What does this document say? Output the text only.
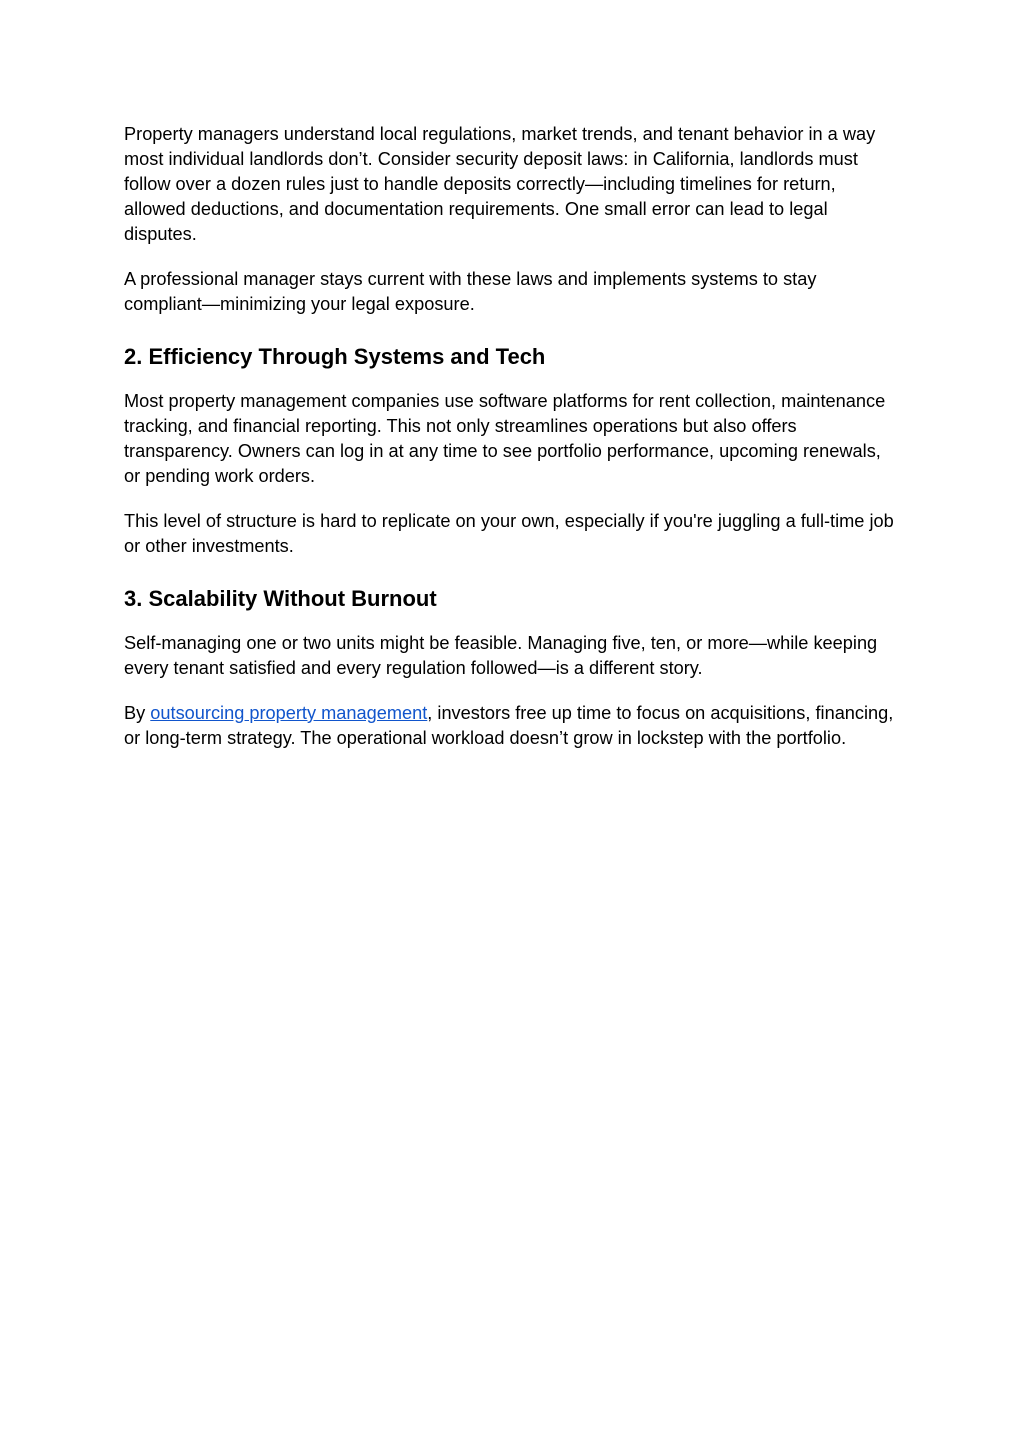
Property managers understand local regulations, market trends, and tenant behavior in a way most individual landlords don’t. Consider security deposit laws: in California, landlords must follow over a dozen rules just to handle deposits correctly—including timelines for return, allowed deductions, and documentation requirements. One small error can lead to legal disputes.

A professional manager stays current with these laws and implements systems to stay compliant—minimizing your legal exposure.

2. Efficiency Through Systems and Tech

Most property management companies use software platforms for rent collection, maintenance tracking, and financial reporting. This not only streamlines operations but also offers transparency. Owners can log in at any time to see portfolio performance, upcoming renewals, or pending work orders.

This level of structure is hard to replicate on your own, especially if you're juggling a full-time job or other investments.

3. Scalability Without Burnout

Self-managing one or two units might be feasible. Managing five, ten, or more—while keeping every tenant satisfied and every regulation followed—is a different story.

By outsourcing property management, investors free up time to focus on acquisitions, financing, or long-term strategy. The operational workload doesn’t grow in lockstep with the portfolio.
